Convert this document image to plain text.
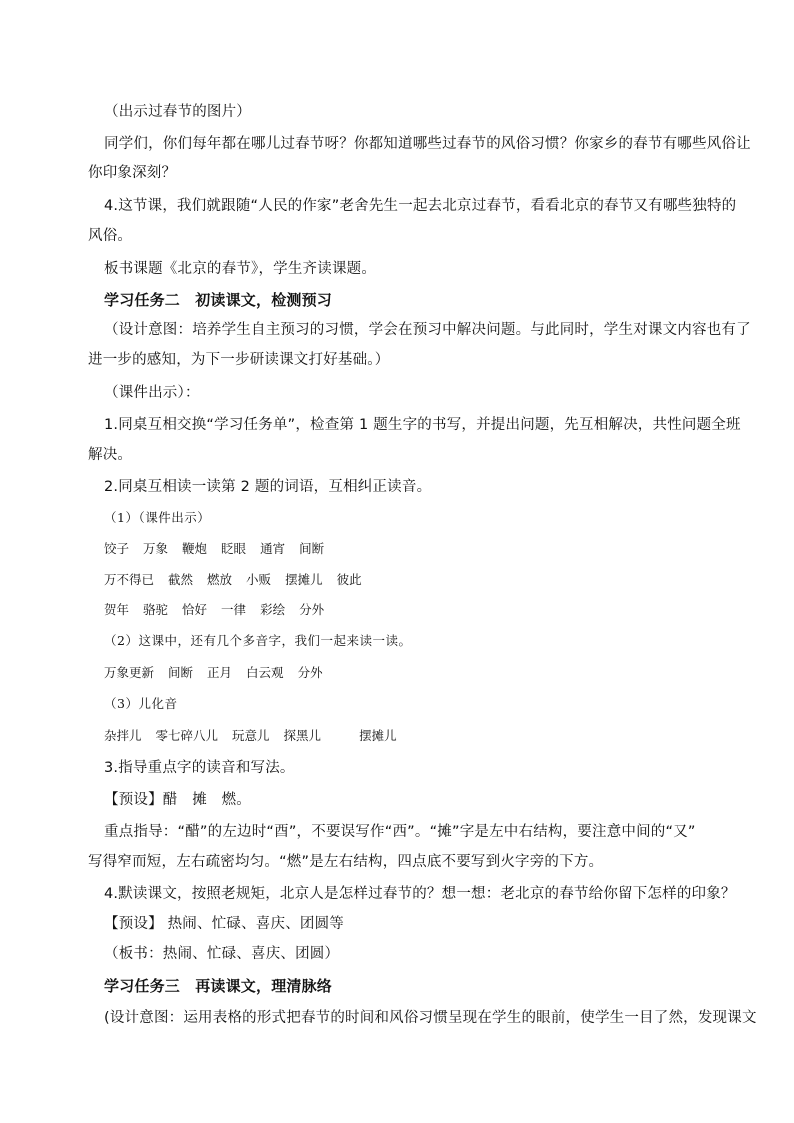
（出示过春节的图片）
同学们，你们每年都在哪儿过春节呀？你都知道哪些过春节的风俗习惯？你家乡的春节有哪些风俗让
你印象深刻？
4.这节课，我们就跟随“人民的作家”老舍先生一起去北京过春节，看看北京的春节又有哪些独特的
风俗。
板书课题《北京的春节》，学生齐读课题。
学习任务二　初读课文，检测预习
（设计意图：培养学生自主预习的习惯，学会在预习中解决问题。与此同时，学生对课文内容也有了
进一步的感知，为下一步研读课文打好基础。）
（课件出示）：
1.同桌互相交换“学习任务单”，检查第 1 题生字的书写，并提出问题，先互相解决，共性问题全班
解决。
2.同桌互相读一读第 2 题的词语，互相纠正读音。
（1）（课件出示）
饺子 万象 鞭炮 眨眼 通宵 间断
万不得已 截然 燃放 小贩 摆摊儿 彼此
贺年 骆驼 恰好 一律 彩绘 分外
（2）这课中，还有几个多音字，我们一起来读一读。
万象更新 间断 正月 白云观 分外
（3）儿化音
杂拌儿 零七碎八儿 玩意儿 探黑儿	摆摊儿
3.指导重点字的读音和写法。
【预设】醋　摊　燃。
重点指导：“醋”的左边时“酉”，不要误写作“西”。“摊”字是左中右结构，要注意中间的“又”
写得窄而短，左右疏密均匀。“燃”是左右结构，四点底不要写到火字旁的下方。
4.默读课文，按照老规矩，北京人是怎样过春节的？想一想：老北京的春节给你留下怎样的印象？
【预设】 热闹、忙碌、喜庆、团圆等
（板书：热闹、忙碌、喜庆、团圆）
学习任务三　再读课文，理清脉络
(设计意图：运用表格的形式把春节的时间和风俗习惯呈现在学生的眼前，使学生一目了然，发现课文
